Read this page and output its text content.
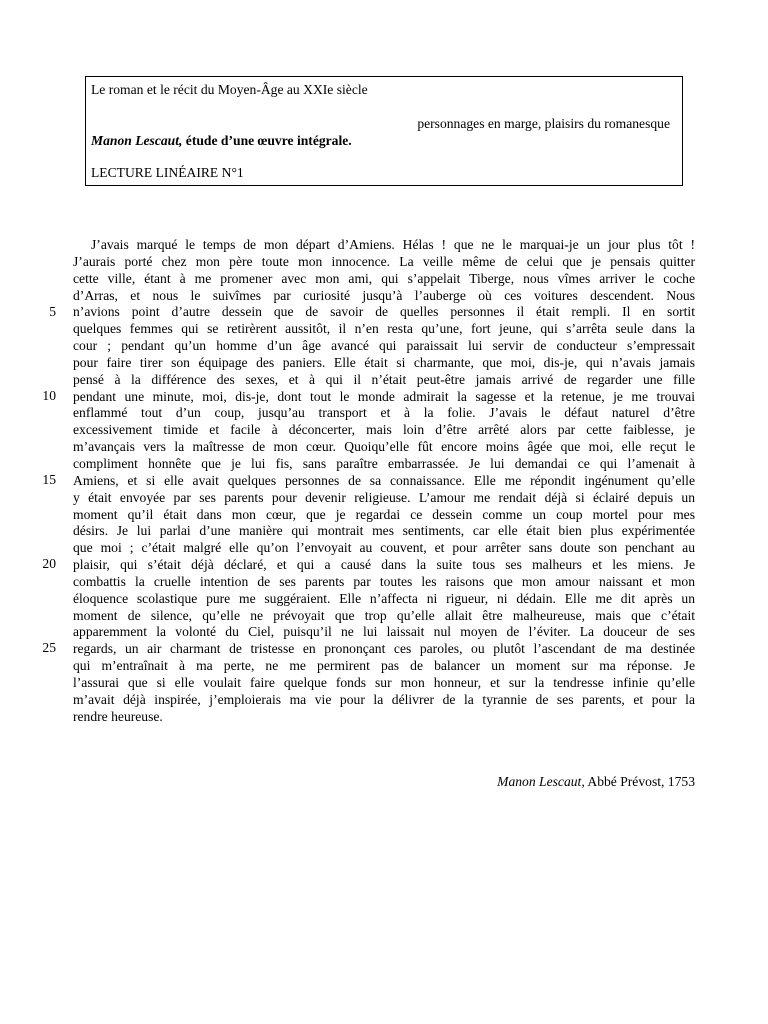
Le roman et le récit du Moyen-Âge au XXIe siècle
personnages en marge, plaisirs du romanesque
Manon Lescaut, étude d’une œuvre intégrale.
LECTURE LINÉAIRE N°1
5
10
15
20
25
J’avais marqué le temps de mon départ d’Amiens. Hélas ! que ne le marquai-je un jour plus tôt !
J’aurais porté chez mon père toute mon innocence. La veille même de celui que je pensais quitter
cette ville, étant à me promener avec mon ami, qui s’appelait Tiberge, nous vîmes arriver le coche
d’Arras, et nous le suivîmes par curiosité jusqu’à l’auberge où ces voitures descendent. Nous
n’avions point d’autre dessein que de savoir de quelles personnes il était rempli. Il en sortit
quelques femmes qui se retirèrent aussitôt, il n’en resta qu’une, fort jeune, qui s’arrêta seule dans la
cour ; pendant qu’un homme d’un âge avancé qui paraissait lui servir de conducteur s’empressait
pour faire tirer son équipage des paniers. Elle était si charmante, que moi, dis-je, qui n’avais jamais
pensé à la différence des sexes, et à qui il n’était peut-être jamais arrivé de regarder une fille
pendant une minute, moi, dis-je, dont tout le monde admirait la sagesse et la retenue, je me trouvai
enflammé tout d’un coup, jusqu’au transport et à la folie. J’avais le défaut naturel d’être
excessivement timide et facile à déconcerter, mais loin d’être arrêté alors par cette faiblesse, je
m’avançais vers la maîtresse de mon cœur. Quoiqu’elle fût encore moins âgée que moi, elle reçut le
compliment honnête que je lui fis, sans paraître embarrassée. Je lui demandai ce qui l’amenait à
Amiens, et si elle avait quelques personnes de sa connaissance. Elle me répondit ingénument qu’elle
y était envoyée par ses parents pour devenir religieuse. L’amour me rendait déjà si éclairé depuis un
moment qu’il était dans mon cœur, que je regardai ce dessein comme un coup mortel pour mes
désirs. Je lui parlai d’une manière qui montrait mes sentiments, car elle était bien plus expérimentée
que moi ; c’était malgré elle qu’on l’envoyait au couvent, et pour arrêter sans doute son penchant au
plaisir, qui s’était déjà déclaré, et qui a causé dans la suite tous ses malheurs et les miens. Je
combattis la cruelle intention de ses parents par toutes les raisons que mon amour naissant et mon
éloquence scolastique pure me suggéraient. Elle n’affecta ni rigueur, ni dédain. Elle me dit après un
moment de silence, qu’elle ne prévoyait que trop qu’elle allait être malheureuse, mais que c’était
apparemment la volonté du Ciel, puisqu’il ne lui laissait nul moyen de l’éviter. La douceur de ses
regards, un air charmant de tristesse en prononçant ces paroles, ou plutôt l’ascendant de ma destinée
qui m’entraînait à ma perte, ne me permirent pas de balancer un moment sur ma réponse. Je
l’assurai que si elle voulait faire quelque fonds sur mon honneur, et sur la tendresse infinie qu’elle
m’avait déjà inspirée, j’emploierais ma vie pour la délivrer de la tyrannie de ses parents, et pour la
rendre heureuse.
Manon Lescaut, Abbé Prévost, 1753
